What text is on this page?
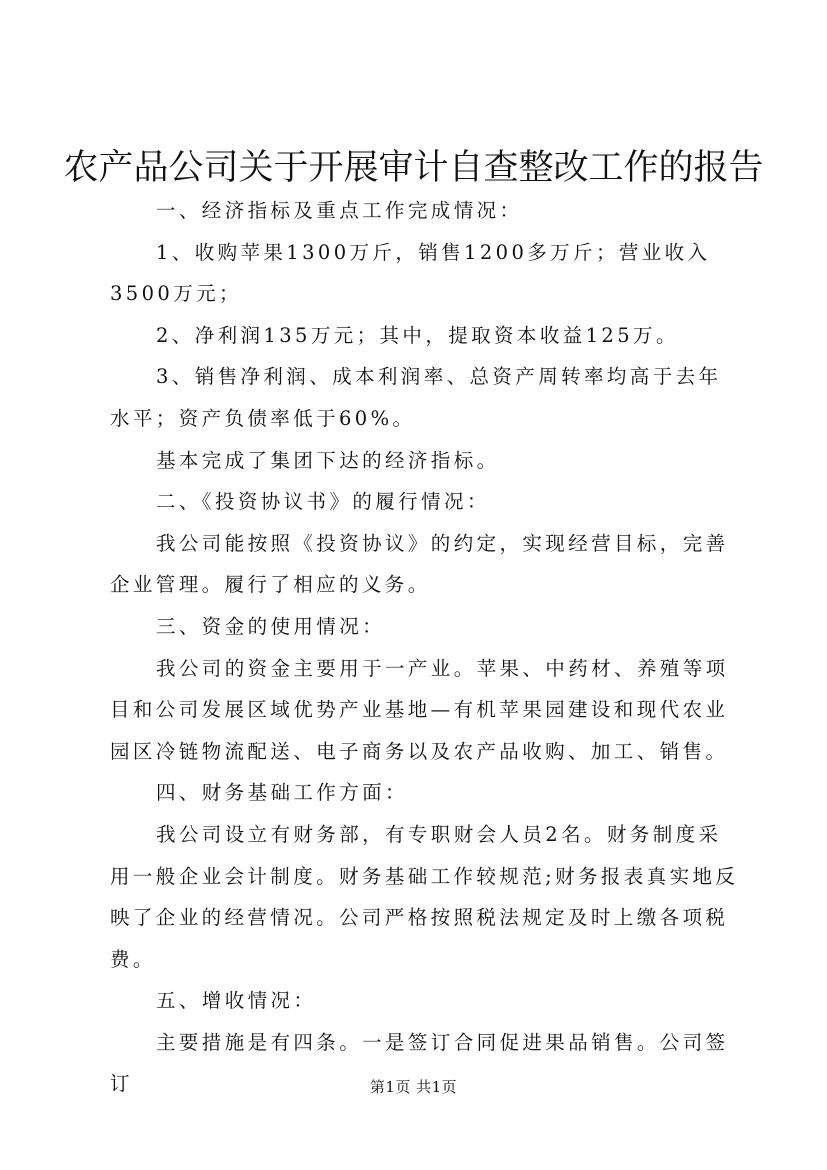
农产品公司关于开展审计自查整改工作的报告

一、经济指标及重点工作完成情况：

1、收购苹果1300万斤，销售1200多万斤；营业收入3500万元；

2、净利润135万元；其中，提取资本收益125万。

3、销售净利润、成本利润率、总资产周转率均高于去年水平；资产负债率低于60%。

基本完成了集团下达的经济指标。

二、《投资协议书》的履行情况：

我公司能按照《投资协议》的约定，实现经营目标，完善企业管理。履行了相应的义务。

三、资金的使用情况：

我公司的资金主要用于一产业。苹果、中药材、养殖等项目和公司发展区域优势产业基地—有机苹果园建设和现代农业园区冷链物流配送、电子商务以及农产品收购、加工、销售。

四、财务基础工作方面：

我公司设立有财务部，有专职财会人员2名。财务制度采用一般企业会计制度。财务基础工作较规范;财务报表真实地反映了企业的经营情况。公司严格按照税法规定及时上缴各项税费。

五、增收情况：

主要措施是有四条。一是签订合同促进果品销售。公司签订	第1页 共1页
